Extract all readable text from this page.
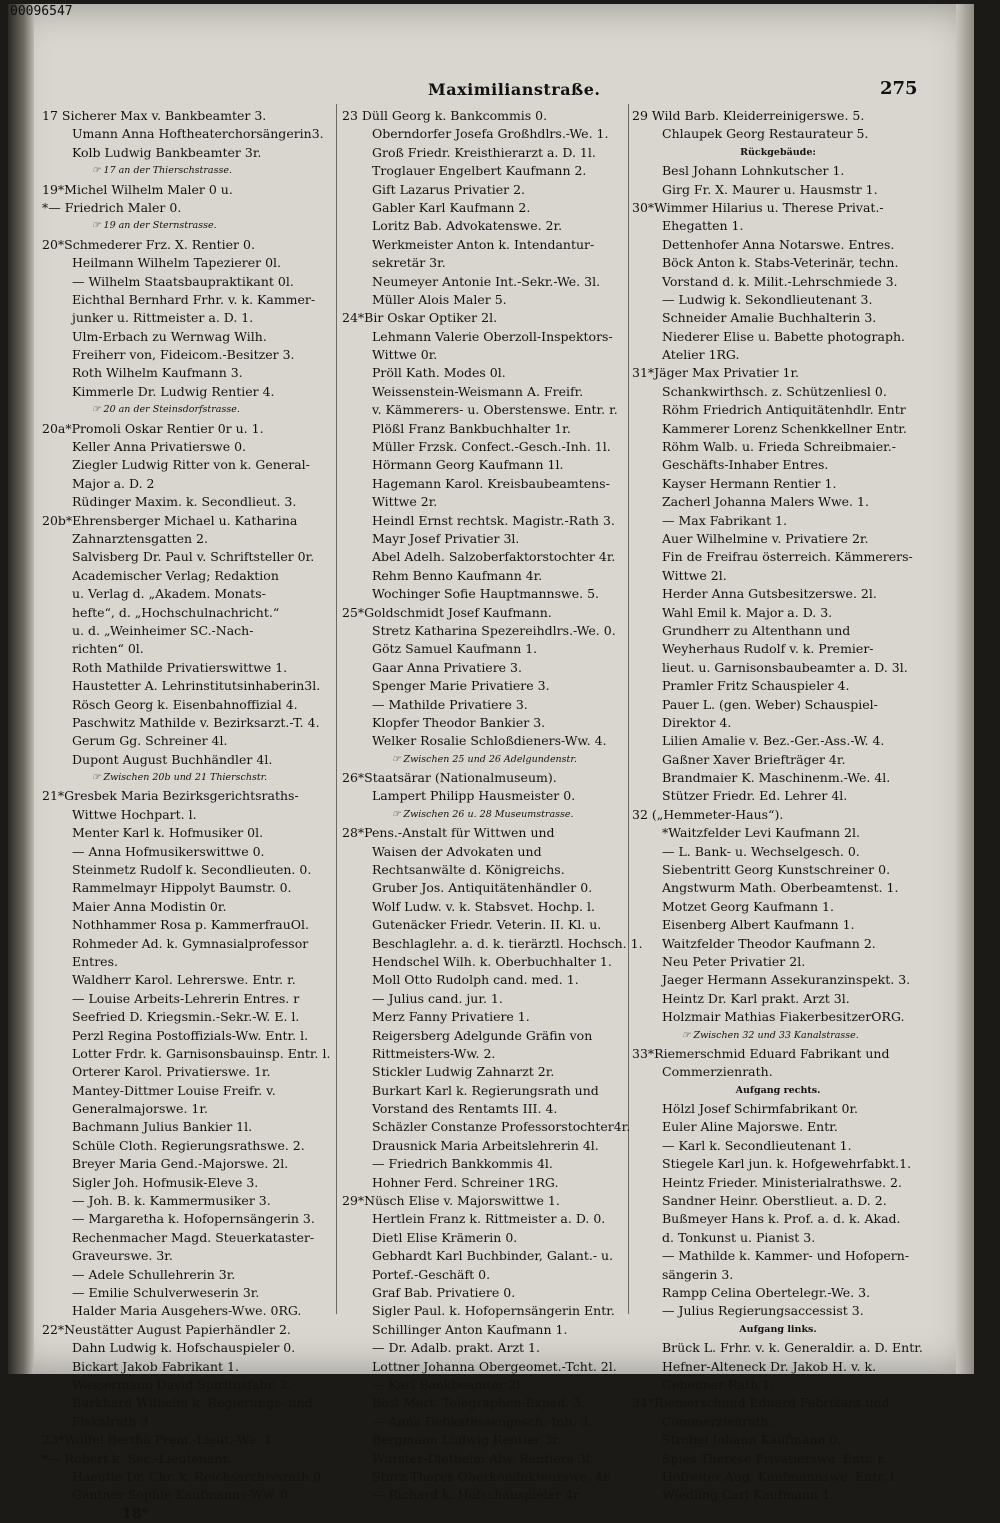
00096547
Maximilianstraße.	275
17 Sicherer Max v. Bankbeamter 3.
Umann Anna Hoftheaterchorsängerin3.
Kolb Ludwig Bankbeamter 3r.
☞ 17 an der Thierschstrasse.
19*Michel Wilhelm Maler 0 u.
*— Friedrich Maler 0.
☞ 19 an der Sternstrasse.
20*Schmederer Frz. X. Rentier 0.
Heilmann Wilhelm Tapezierer 0l.
— Wilhelm Staatsbaupraktikant 0l.
Eichthal Bernhard Frhr. v. k. Kammer-
junker u. Rittmeister a. D. 1.
Ulm-Erbach zu Wernwag Wilh.
Freiherr von, Fideicom.-Besitzer 3.
Roth Wilhelm Kaufmann 3.
Kimmerle Dr. Ludwig Rentier 4.
☞ 20 an der Steinsdorfstrasse.
20a*Promoli Oskar Rentier 0r u. 1.
Keller Anna Privatierswe 0.
Ziegler Ludwig Ritter von k. General-
Major a. D. 2
Rüdinger Maxim. k. Secondlieut. 3.
20b*Ehrensberger Michael u. Katharina
Zahnarztensgatten 2.
Salvisberg Dr. Paul v. Schriftsteller 0r.
Academischer Verlag; Redaktion
u. Verlag d. „Akadem. Monats-
hefte“, d. „Hochschulnachricht.“
u. d. „Weinheimer SC.-Nach-
richten“ 0l.
Roth Mathilde Privatierswittwe 1.
Haustetter A. Lehrinstitutsinhaberin3l.
Rösch Georg k. Eisenbahnoffizial 4.
Paschwitz Mathilde v. Bezirksarzt.-T. 4.
Gerum Gg. Schreiner 4l.
Dupont August Buchhändler 4l.
☞ Zwischen 20b und 21 Thierschstr.
21*Gresbek Maria Bezirksgerichtsraths-
Wittwe Hochpart. l.
Menter Karl k. Hofmusiker 0l.
— Anna Hofmusikerswittwe 0.
Steinmetz Rudolf k. Secondlieuten. 0.
Rammelmayr Hippolyt Baumstr. 0.
Maier Anna Modistin 0r.
Nothhammer Rosa p. KammerfrauOl.
Rohmeder Ad. k. Gymnasialprofessor
Entres.
Waldherr Karol. Lehrerswe. Entr. r.
— Louise Arbeits-Lehrerin Entres. r
Seefried D. Kriegsmin.-Sekr.-W. E. l.
Perzl Regina Postoffizials-Ww. Entr. l.
Lotter Frdr. k. Garnisonsbauinsp. Entr. l.
Orterer Karol. Privatierswe. 1r.
Mantey-Dittmer Louise Freifr. v.
Generalmajorswe. 1r.
Bachmann Julius Bankier 1l.
Schüle Cloth. Regierungsrathswe. 2.
Breyer Maria Gend.-Majorswe. 2l.
Sigler Joh. Hofmusik-Eleve 3.
— Joh. B. k. Kammermusiker 3.
— Margaretha k. Hofopernsängerin 3.
Rechenmacher Magd. Steuerkataster-
Graveurswe. 3r.
— Adele Schullehrerin 3r.
— Emilie Schulverweserin 3r.
Halder Maria Ausgehers-Wwe. 0RG.
22*Neustätter August Papierhändler 2.
Dahn Ludwig k. Hofschauspieler 0.
Bickart Jakob Fabrikant 1.
Wassermann David Spiritusfabr. 2.
Burkhard Wilhelm k. Regierungs- und
Fiskalrath 3
23*Wölfel Bertha Prem.-Lieut.-We. 1.
*— Robert k. Sec.-Lieutenant.
Haeutle Dr. Chr. k. Reichsarchivsrath 0.
Gantner Sophie Kaufmanns-Ww. 0.
18*
23 Düll Georg k. Bankcommis 0.
Oberndorfer Josefa Großhdlrs.-We. 1.
Groß Friedr. Kreisthierarzt a. D. 1l.
Troglauer Engelbert Kaufmann 2.
Gift Lazarus Privatier 2.
Gabler Karl Kaufmann 2.
Loritz Bab. Advokatenswe. 2r.
Werkmeister Anton k. Intendantur-
sekretär 3r.
Neumeyer Antonie Int.-Sekr.-We. 3l.
Müller Alois Maler 5.
24*Bir Oskar Optiker 2l.
Lehmann Valerie Oberzoll-Inspektors-
Wittwe 0r.
Pröll Kath. Modes 0l.
Weissenstein-Weismann A. Freifr.
v. Kämmerers- u. Oberstenswe. Entr. r.
Plößl Franz Bankbuchhalter 1r.
Müller Frzsk. Confect.-Gesch.-Inh. 1l.
Hörmann Georg Kaufmann 1l.
Hagemann Karol. Kreisbaubeamtens-
Wittwe 2r.
Heindl Ernst rechtsk. Magistr.-Rath 3.
Mayr Josef Privatier 3l.
Abel Adelh. Salzoberfaktorstochter 4r.
Rehm Benno Kaufmann 4r.
Wochinger Sofie Hauptmannswe. 5.
25*Goldschmidt Josef Kaufmann.
Stretz Katharina Spezereihdlrs.-We. 0.
Götz Samuel Kaufmann 1.
Gaar Anna Privatiere 3.
Spenger Marie Privatiere 3.
— Mathilde Privatiere 3.
Klopfer Theodor Bankier 3.
Welker Rosalie Schloßdieners-Ww. 4.
☞ Zwischen 25 und 26 Adelgundenstr.
26*Staatsärar (Nationalmuseum).
Lampert Philipp Hausmeister 0.
☞ Zwischen 26 u. 28 Museumstrasse.
28*Pens.-Anstalt für Wittwen und
Waisen der Advokaten und
Rechtsanwälte d. Königreichs.
Gruber Jos. Antiquitätenhändler 0.
Wolf Ludw. v. k. Stabsvet. Hochp. l.
Gutenäcker Friedr. Veterin. II. Kl. u.
Beschlaglehr. a. d. k. tierärztl. Hochsch. 1.
Hendschel Wilh. k. Oberbuchhalter 1.
Moll Otto Rudolph cand. med. 1.
— Julius cand. jur. 1.
Merz Fanny Privatiere 1.
Reigersberg Adelgunde Gräfin von
Rittmeisters-Ww. 2.
Stickler Ludwig Zahnarzt 2r.
Burkart Karl k. Regierungsrath und
Vorstand des Rentamts III. 4.
Schäzler Constanze Professorstochter4r.
Drausnick Maria Arbeitslehrerin 4l.
— Friedrich Bankkommis 4l.
Hohner Ferd. Schreiner 1RG.
29*Nüsch Elise v. Majorswittwe 1.
Hertlein Franz k. Rittmeister a. D. 0.
Dietl Elise Krämerin 0.
Gebhardt Karl Buchbinder, Galant.- u.
Portef.-Geschäft 0.
Graf Bab. Privatiere 0.
Sigler Paul. k. Hofopernsängerin Entr.
Schillinger Anton Kaufmann 1.
— Dr. Adalb. prakt. Arzt 1.
Lottner Johanna Obergeomet.-Tcht. 2l.
— Karl Bankbeamter 2l.
Bösl Mart. Telegraphen-Exped. 3.
— Anna Delikatessengesch.-Inh. 3.
Bergmann Ludwig Rentier 3r.
Wurster-Diethelm Alw. Rentiere 3l.
Sturz Theres Oberkondukteurswe. 4r.
— Richard k. Hofschauspieler 4r.
29 Wild Barb. Kleiderreinigerswe. 5.
Chlaupek Georg Restaurateur 5.
Rückgebäude:
Besl Johann Lohnkutscher 1.
Girg Fr. X. Maurer u. Hausmstr 1.
30*Wimmer Hilarius u. Therese Privat.-
Ehegatten 1.
Dettenhofer Anna Notarswe. Entres.
Böck Anton k. Stabs-Veterinär, techn.
Vorstand d. k. Milit.-Lehrschmiede 3.
— Ludwig k. Sekondlieutenant 3.
Schneider Amalie Buchhalterin 3.
Niederer Elise u. Babette photograph.
Atelier 1RG.
31*Jäger Max Privatier 1r.
Schankwirthsch. z. Schützenliesl 0.
Röhm Friedrich Antiquitätenhdlr. Entr
Kammerer Lorenz Schenkkellner Entr.
Röhm Walb. u. Frieda Schreibmaier.-
Geschäfts-Inhaber Entres.
Kayser Hermann Rentier 1.
Zacherl Johanna Malers Wwe. 1.
— Max Fabrikant 1.
Auer Wilhelmine v. Privatiere 2r.
Fin de Freifrau österreich. Kämmerers-
Wittwe 2l.
Herder Anna Gutsbesitzerswe. 2l.
Wahl Emil k. Major a. D. 3.
Grundherr zu Altenthann und
Weyherhaus Rudolf v. k. Premier-
lieut. u. Garnisonsbaubeamter a. D. 3l.
Pramler Fritz Schauspieler 4.
Pauer L. (gen. Weber) Schauspiel-
Direktor 4.
Lilien Amalie v. Bez.-Ger.-Ass.-W. 4.
Gaßner Xaver Briefträger 4r.
Brandmaier K. Maschinenm.-We. 4l.
Stützer Friedr. Ed. Lehrer 4l.
32 („Hemmeter-Haus“).
*Waitzfelder Levi Kaufmann 2l.
— L. Bank- u. Wechselgesch. 0.
Siebentritt Georg Kunstschreiner 0.
Angstwurm Math. Oberbeamtenst. 1.
Motzet Georg Kaufmann 1.
Eisenberg Albert Kaufmann 1.
Waitzfelder Theodor Kaufmann 2.
Neu Peter Privatier 2l.
Jaeger Hermann Assekuranzinspekt. 3.
Heintz Dr. Karl prakt. Arzt 3l.
Holzmair Mathias FiakerbesitzerORG.
☞ Zwischen 32 und 33 Kanalstrasse.
33*Riemerschmid Eduard Fabrikant und
Commerzienrath.
Aufgang rechts.
Hölzl Josef Schirmfabrikant 0r.
Euler Aline Majorswe. Entr.
— Karl k. Secondlieutenant 1.
Stiegele Karl jun. k. Hofgewehrfabkt.1.
Heintz Frieder. Ministerialrathswe. 2.
Sandner Heinr. Oberstlieut. a. D. 2.
Bußmeyer Hans k. Prof. a. d. k. Akad.
d. Tonkunst u. Pianist 3.
— Mathilde k. Kammer- und Hofopern-
sängerin 3.
Rampp Celina Obertelegr.-We. 3.
— Julius Regierungsaccessist 3.
Aufgang links.
Brück L. Frhr. v. k. Generaldir. a. D. Entr.
Hefner-Alteneck Dr. Jakob H. v. k.
Geheimer Rath 1.
34*Riemerschmid Eduard Fabrikant und
Commerzienrath.
Strobel Johann Kaufmann 0.
Spies Therese Privatierswe. Entr. r.
Hofreiter Aug. Kaufmannswe. Entr. l.
Wiedling Carl Kaufmann 1.
